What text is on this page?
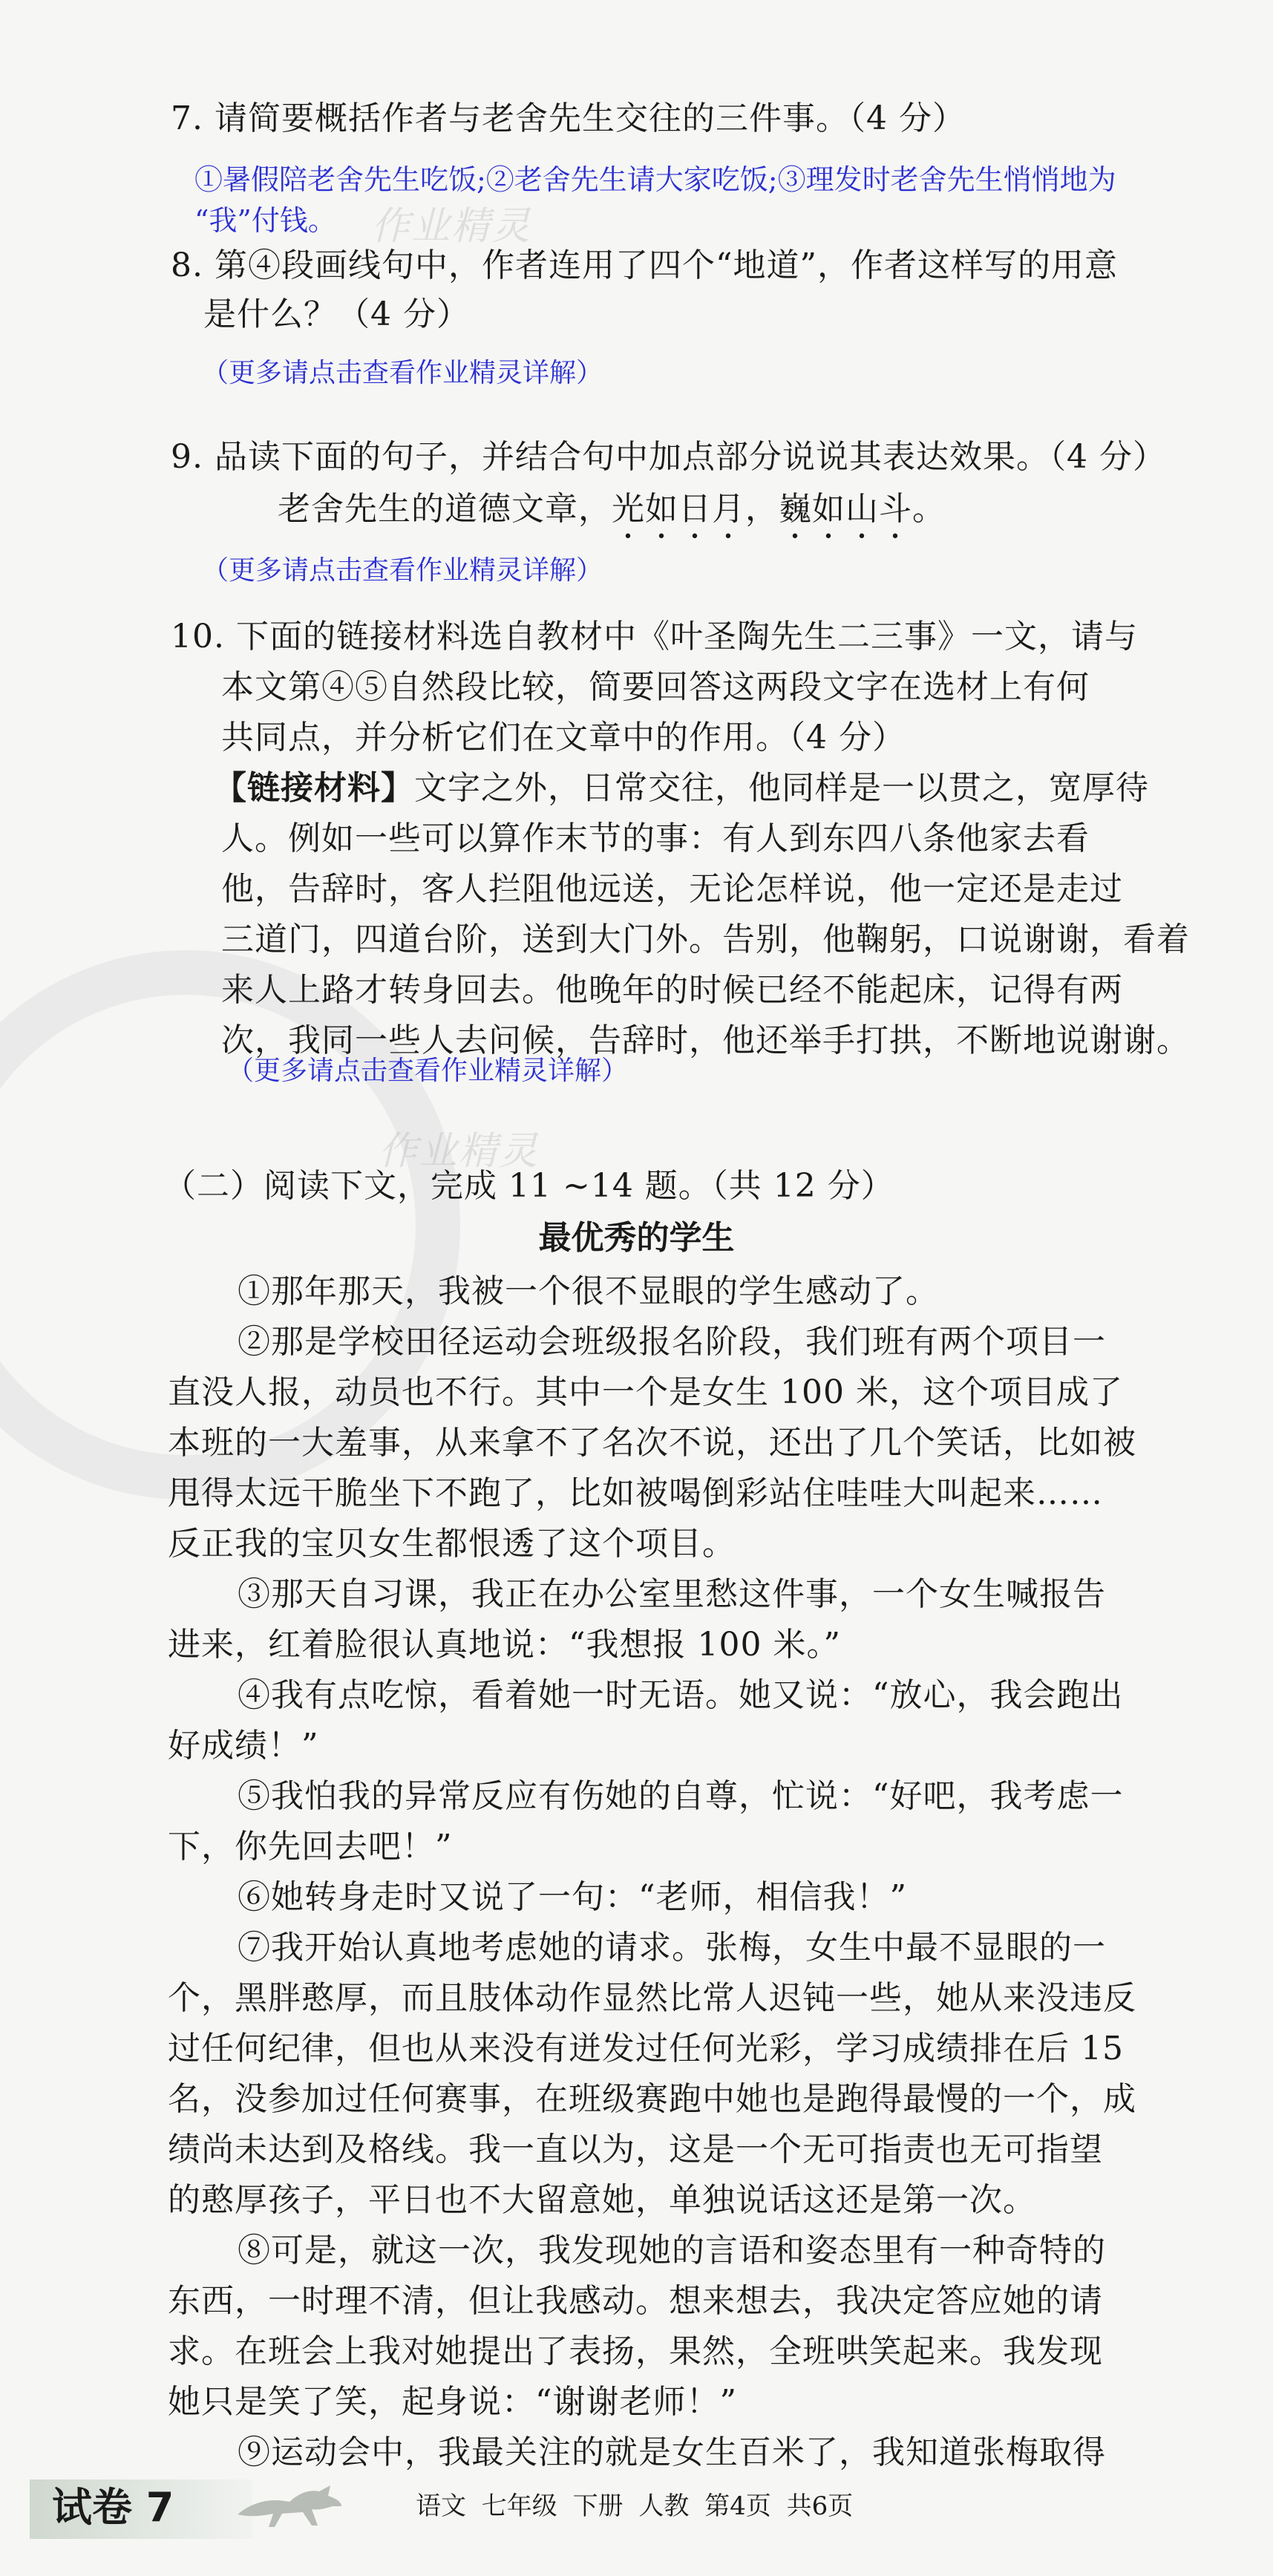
7. 请简要概括作者与老舍先生交往的三件事。（4 分）
①暑假陪老舍先生吃饭;②老舍先生请大家吃饭;③理发时老舍先生悄悄地为
“我”付钱。 作业精灵
8. 第④段画线句中，作者连用了四个“地道”，作者这样写的用意
是什么？（4 分）
（更多请点击查看作业精灵详解）
9. 品读下面的句子，并结合句中加点部分说说其表达效果。（4 分）
老舍先生的道德文章，光如日月，巍如山斗。
（更多请点击查看作业精灵详解）
10. 下面的链接材料选自教材中《叶圣陶先生二三事》一文，请与
本文第④⑤自然段比较，简要回答这两段文字在选材上有何
共同点，并分析它们在文章中的作用。（4 分）
【链接材料】文字之外，日常交往，他同样是一以贯之，宽厚待
人。例如一些可以算作末节的事：有人到东四八条他家去看
他，告辞时，客人拦阻他远送，无论怎样说，他一定还是走过
三道门，四道台阶，送到大门外。告别，他鞠躬，口说谢谢，看着
来人上路才转身回去。他晚年的时候已经不能起床，记得有两
次，我同一些人去问候，告辞时，他还举手打拱，不断地说谢谢。
（更多请点击查看作业精灵详解）
作业精灵
（二）阅读下文，完成 11 ~14 题。（共 12 分）
最优秀的学生
①那年那天，我被一个很不显眼的学生感动了。
②那是学校田径运动会班级报名阶段，我们班有两个项目一
直没人报，动员也不行。其中一个是女生 100 米，这个项目成了
本班的一大羞事，从来拿不了名次不说，还出了几个笑话，比如被
甩得太远干脆坐下不跑了，比如被喝倒彩站住哇哇大叫起来……
反正我的宝贝女生都恨透了这个项目。
③那天自习课，我正在办公室里愁这件事，一个女生喊报告
进来，红着脸很认真地说：“我想报 100 米。”
④我有点吃惊，看着她一时无语。她又说：“放心，我会跑出
好成绩！”
⑤我怕我的异常反应有伤她的自尊，忙说：“好吧，我考虑一
下，你先回去吧！”
⑥她转身走时又说了一句：“老师，相信我！”
⑦我开始认真地考虑她的请求。张梅，女生中最不显眼的一
个，黑胖憨厚，而且肢体动作显然比常人迟钝一些，她从来没违反
过任何纪律，但也从来没有迸发过任何光彩，学习成绩排在后 15
名，没参加过任何赛事，在班级赛跑中她也是跑得最慢的一个，成
绩尚未达到及格线。我一直以为，这是一个无可指责也无可指望
的憨厚孩子，平日也不大留意她，单独说话这还是第一次。
⑧可是，就这一次，我发现她的言语和姿态里有一种奇特的
东西，一时理不清，但让我感动。想来想去，我决定答应她的请
求。在班会上我对她提出了表扬，果然，全班哄笑起来。我发现
她只是笑了笑，起身说：“谢谢老师！”
⑨运动会中，我最关注的就是女生百米了，我知道张梅取得
试卷 7	语文 七年级 下册 人教 第4页 共6页
